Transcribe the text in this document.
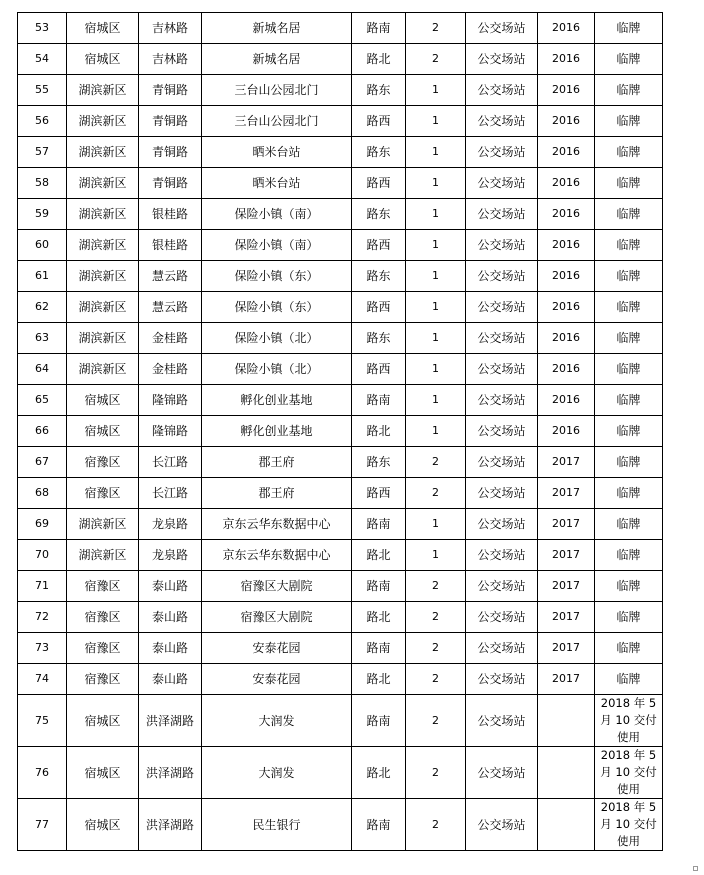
53	宿城区	吉林路	新城名居	路南	2	公交场站	2016	临牌
54	宿城区	吉林路	新城名居	路北	2	公交场站	2016	临牌
55	湖滨新区	青铜路	三台山公园北门	路东	1	公交场站	2016	临牌
56	湖滨新区	青铜路	三台山公园北门	路西	1	公交场站	2016	临牌
57	湖滨新区	青铜路	晒米台站	路东	1	公交场站	2016	临牌
58	湖滨新区	青铜路	晒米台站	路西	1	公交场站	2016	临牌
59	湖滨新区	银桂路	保险小镇（南）	路东	1	公交场站	2016	临牌
60	湖滨新区	银桂路	保险小镇（南）	路西	1	公交场站	2016	临牌
61	湖滨新区	慧云路	保险小镇（东）	路东	1	公交场站	2016	临牌
62	湖滨新区	慧云路	保险小镇（东）	路西	1	公交场站	2016	临牌
63	湖滨新区	金桂路	保险小镇（北）	路东	1	公交场站	2016	临牌
64	湖滨新区	金桂路	保险小镇（北）	路西	1	公交场站	2016	临牌
65	宿城区	隆锦路	孵化创业基地	路南	1	公交场站	2016	临牌
66	宿城区	隆锦路	孵化创业基地	路北	1	公交场站	2016	临牌
67	宿豫区	长江路	郡王府	路东	2	公交场站	2017	临牌
68	宿豫区	长江路	郡王府	路西	2	公交场站	2017	临牌
69	湖滨新区	龙泉路	京东云华东数据中心	路南	1	公交场站	2017	临牌
70	湖滨新区	龙泉路	京东云华东数据中心	路北	1	公交场站	2017	临牌
71	宿豫区	泰山路	宿豫区大剧院	路南	2	公交场站	2017	临牌
72	宿豫区	泰山路	宿豫区大剧院	路北	2	公交场站	2017	临牌
73	宿豫区	泰山路	安泰花园	路南	2	公交场站	2017	临牌
74	宿豫区	泰山路	安泰花园	路北	2	公交场站	2017	临牌
75	宿城区	洪泽湖路	大润发	路南	2	公交场站		2018 年 5 月 10 交付使用
76	宿城区	洪泽湖路	大润发	路北	2	公交场站		2018 年 5 月 10 交付使用
77	宿城区	洪泽湖路	民生银行	路南	2	公交场站		2018 年 5 月 10 交付使用
